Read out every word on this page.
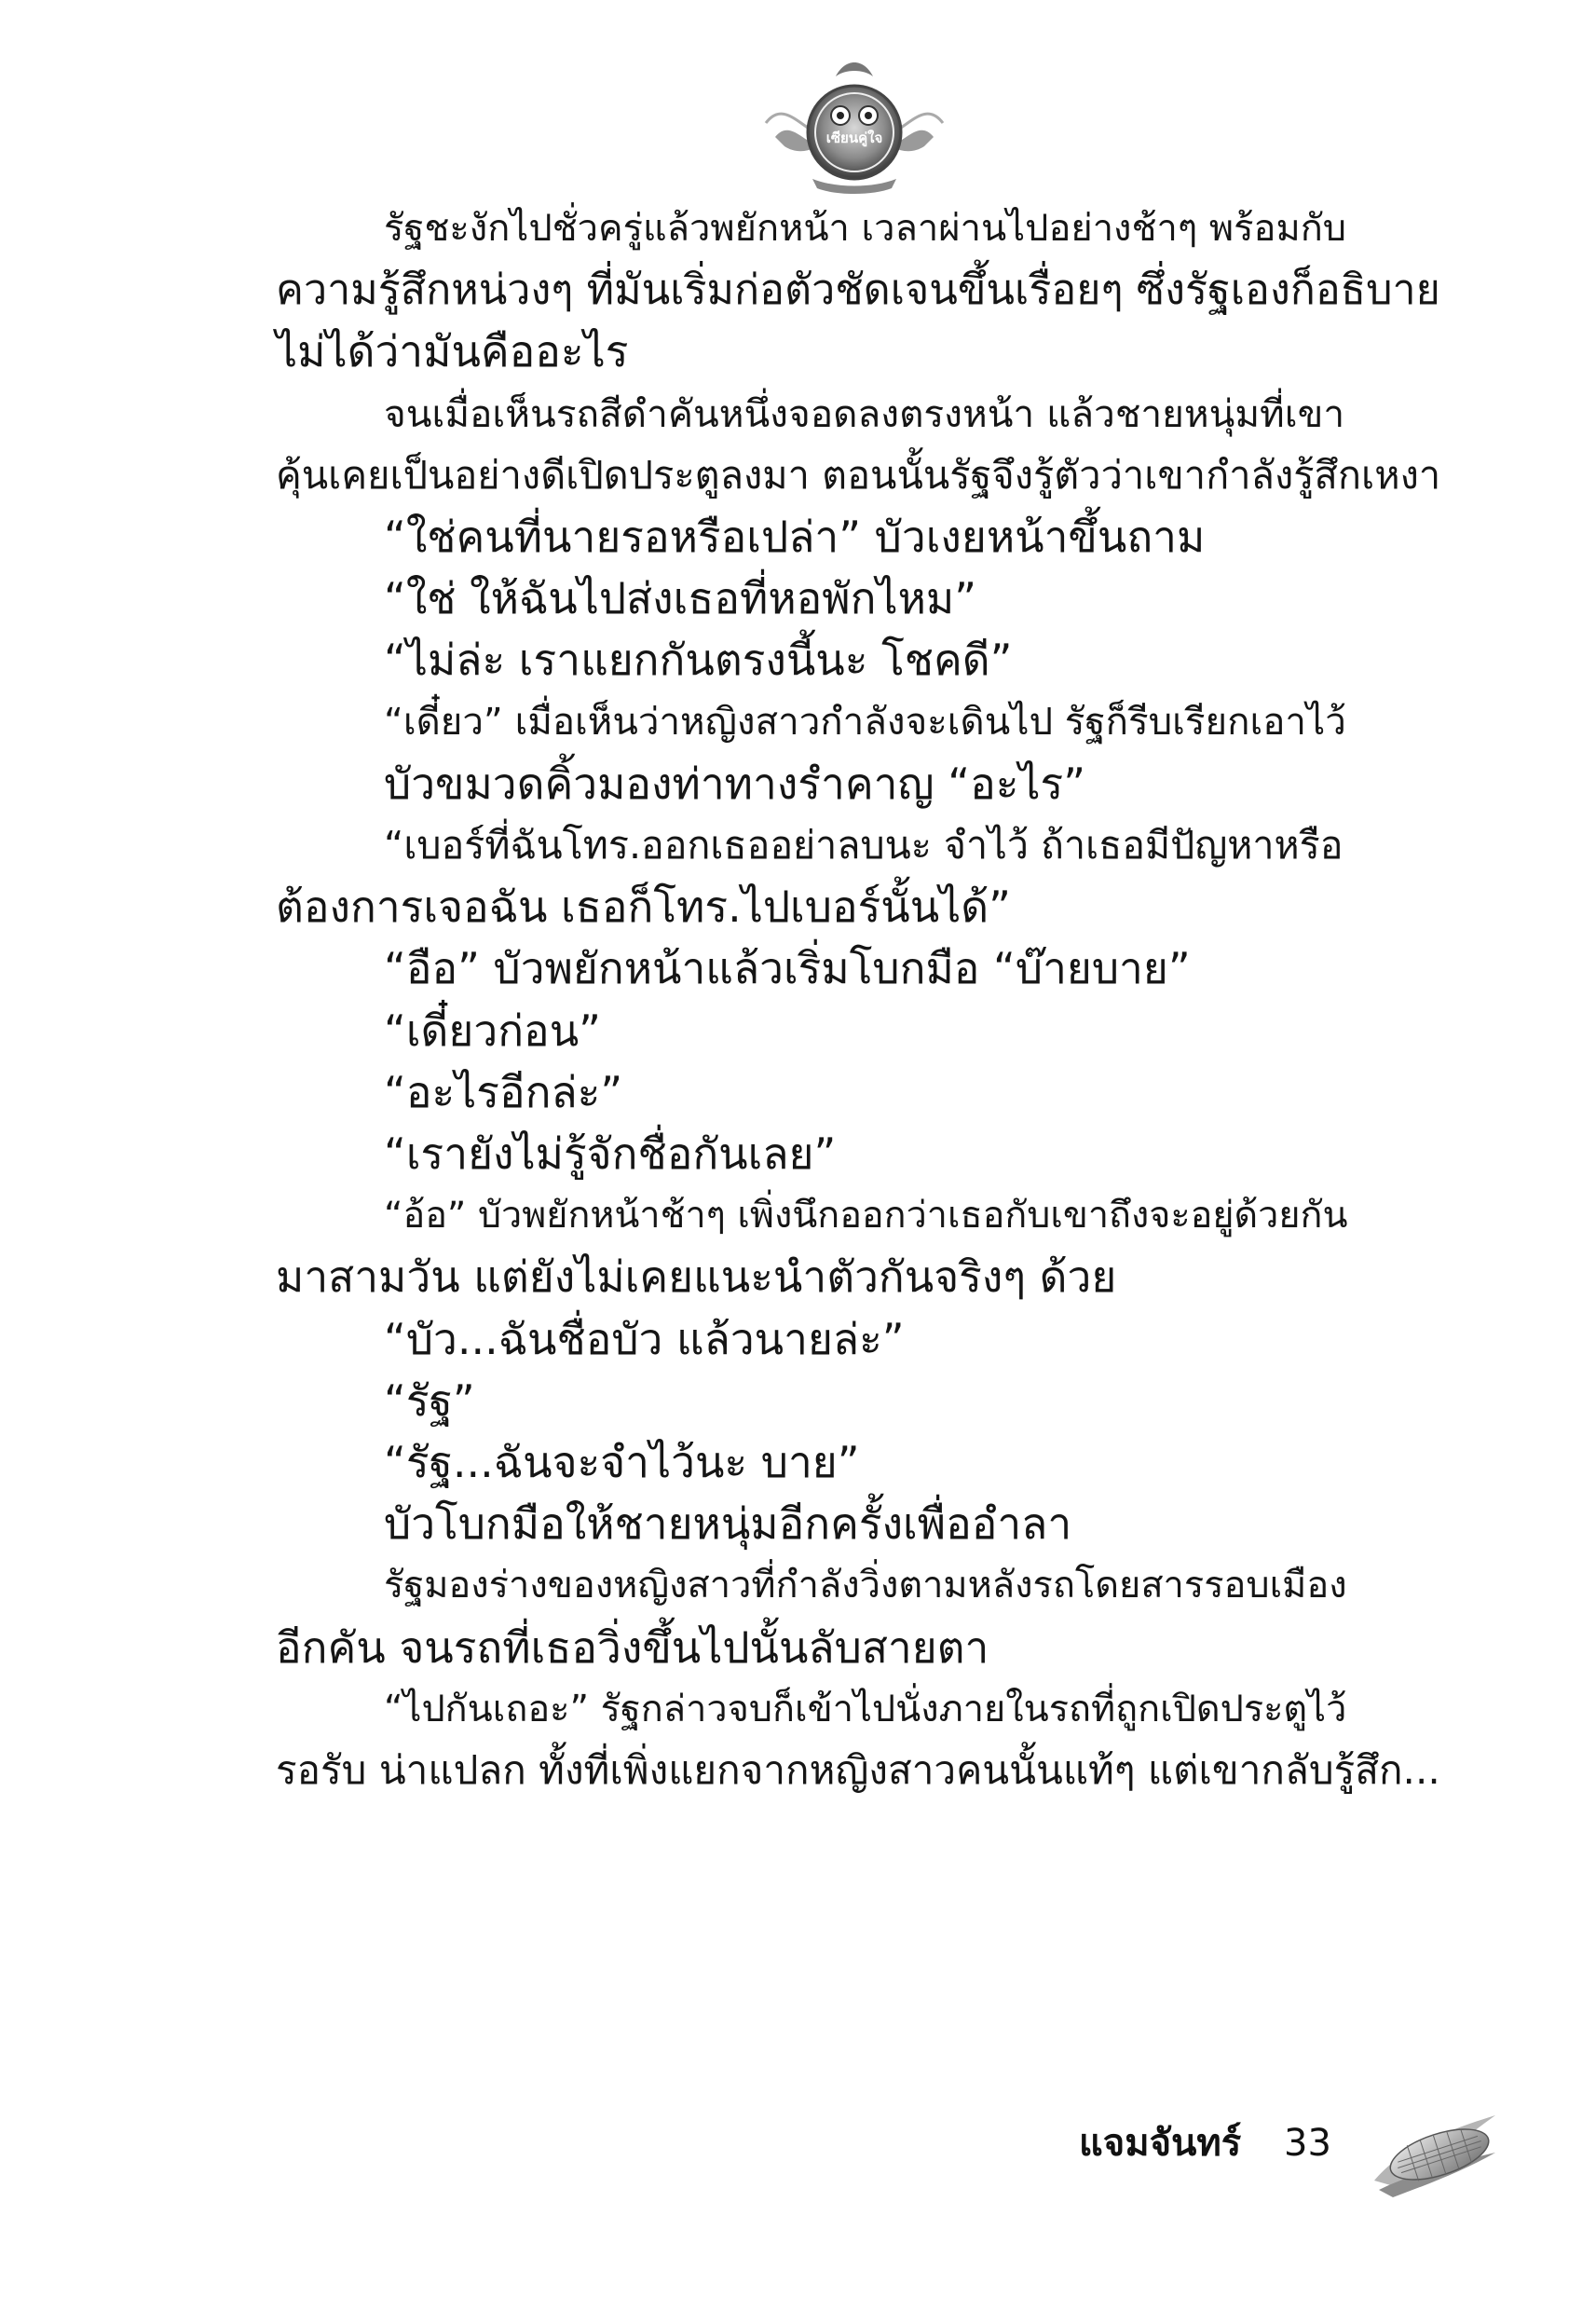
เซียนคู่ใจ
รัฐชะงักไปชั่วครู่แล้วพยักหน้า เวลาผ่านไปอย่างช้าๆ พร้อมกับ
ความรู้สึกหน่วงๆ ที่มันเริ่มก่อตัวชัดเจนขึ้นเรื่อยๆ ซึ่งรัฐเองก็อธิบาย
ไม่ได้ว่ามันคืออะไร
จนเมื่อเห็นรถสีดำคันหนึ่งจอดลงตรงหน้า แล้วชายหนุ่มที่เขา
คุ้นเคยเป็นอย่างดีเปิดประตูลงมา ตอนนั้นรัฐจึงรู้ตัวว่าเขากำลังรู้สึกเหงา
“ใช่คนที่นายรอหรือเปล่า” บัวเงยหน้าขึ้นถาม
“ใช่ ให้ฉันไปส่งเธอที่หอพักไหม”
“ไม่ล่ะ เราแยกกันตรงนี้นะ โชคดี”
“เดี๋ยว” เมื่อเห็นว่าหญิงสาวกำลังจะเดินไป รัฐก็รีบเรียกเอาไว้
บัวขมวดคิ้วมองท่าทางรำคาญ “อะไร”
“เบอร์ที่ฉันโทร.ออกเธออย่าลบนะ จำไว้ ถ้าเธอมีปัญหาหรือ
ต้องการเจอฉัน เธอก็โทร.ไปเบอร์นั้นได้”
“อือ” บัวพยักหน้าแล้วเริ่มโบกมือ “บ๊ายบาย”
“เดี๋ยวก่อน”
“อะไรอีกล่ะ”
“เรายังไม่รู้จักชื่อกันเลย”
“อ้อ” บัวพยักหน้าช้าๆ เพิ่งนึกออกว่าเธอกับเขาถึงจะอยู่ด้วยกัน
มาสามวัน แต่ยังไม่เคยแนะนำตัวกันจริงๆ ด้วย
“บัว...ฉันชื่อบัว แล้วนายล่ะ”
“รัฐ”
“รัฐ...ฉันจะจำไว้นะ บาย”
บัวโบกมือให้ชายหนุ่มอีกครั้งเพื่ออำลา
รัฐมองร่างของหญิงสาวที่กำลังวิ่งตามหลังรถโดยสารรอบเมือง
อีกคัน จนรถที่เธอวิ่งขึ้นไปนั้นลับสายตา
“ไปกันเถอะ” รัฐกล่าวจบก็เข้าไปนั่งภายในรถที่ถูกเปิดประตูไว้
รอรับ น่าแปลก ทั้งที่เพิ่งแยกจากหญิงสาวคนนั้นแท้ๆ แต่เขากลับรู้สึก...
แจมจันทร์ 33
